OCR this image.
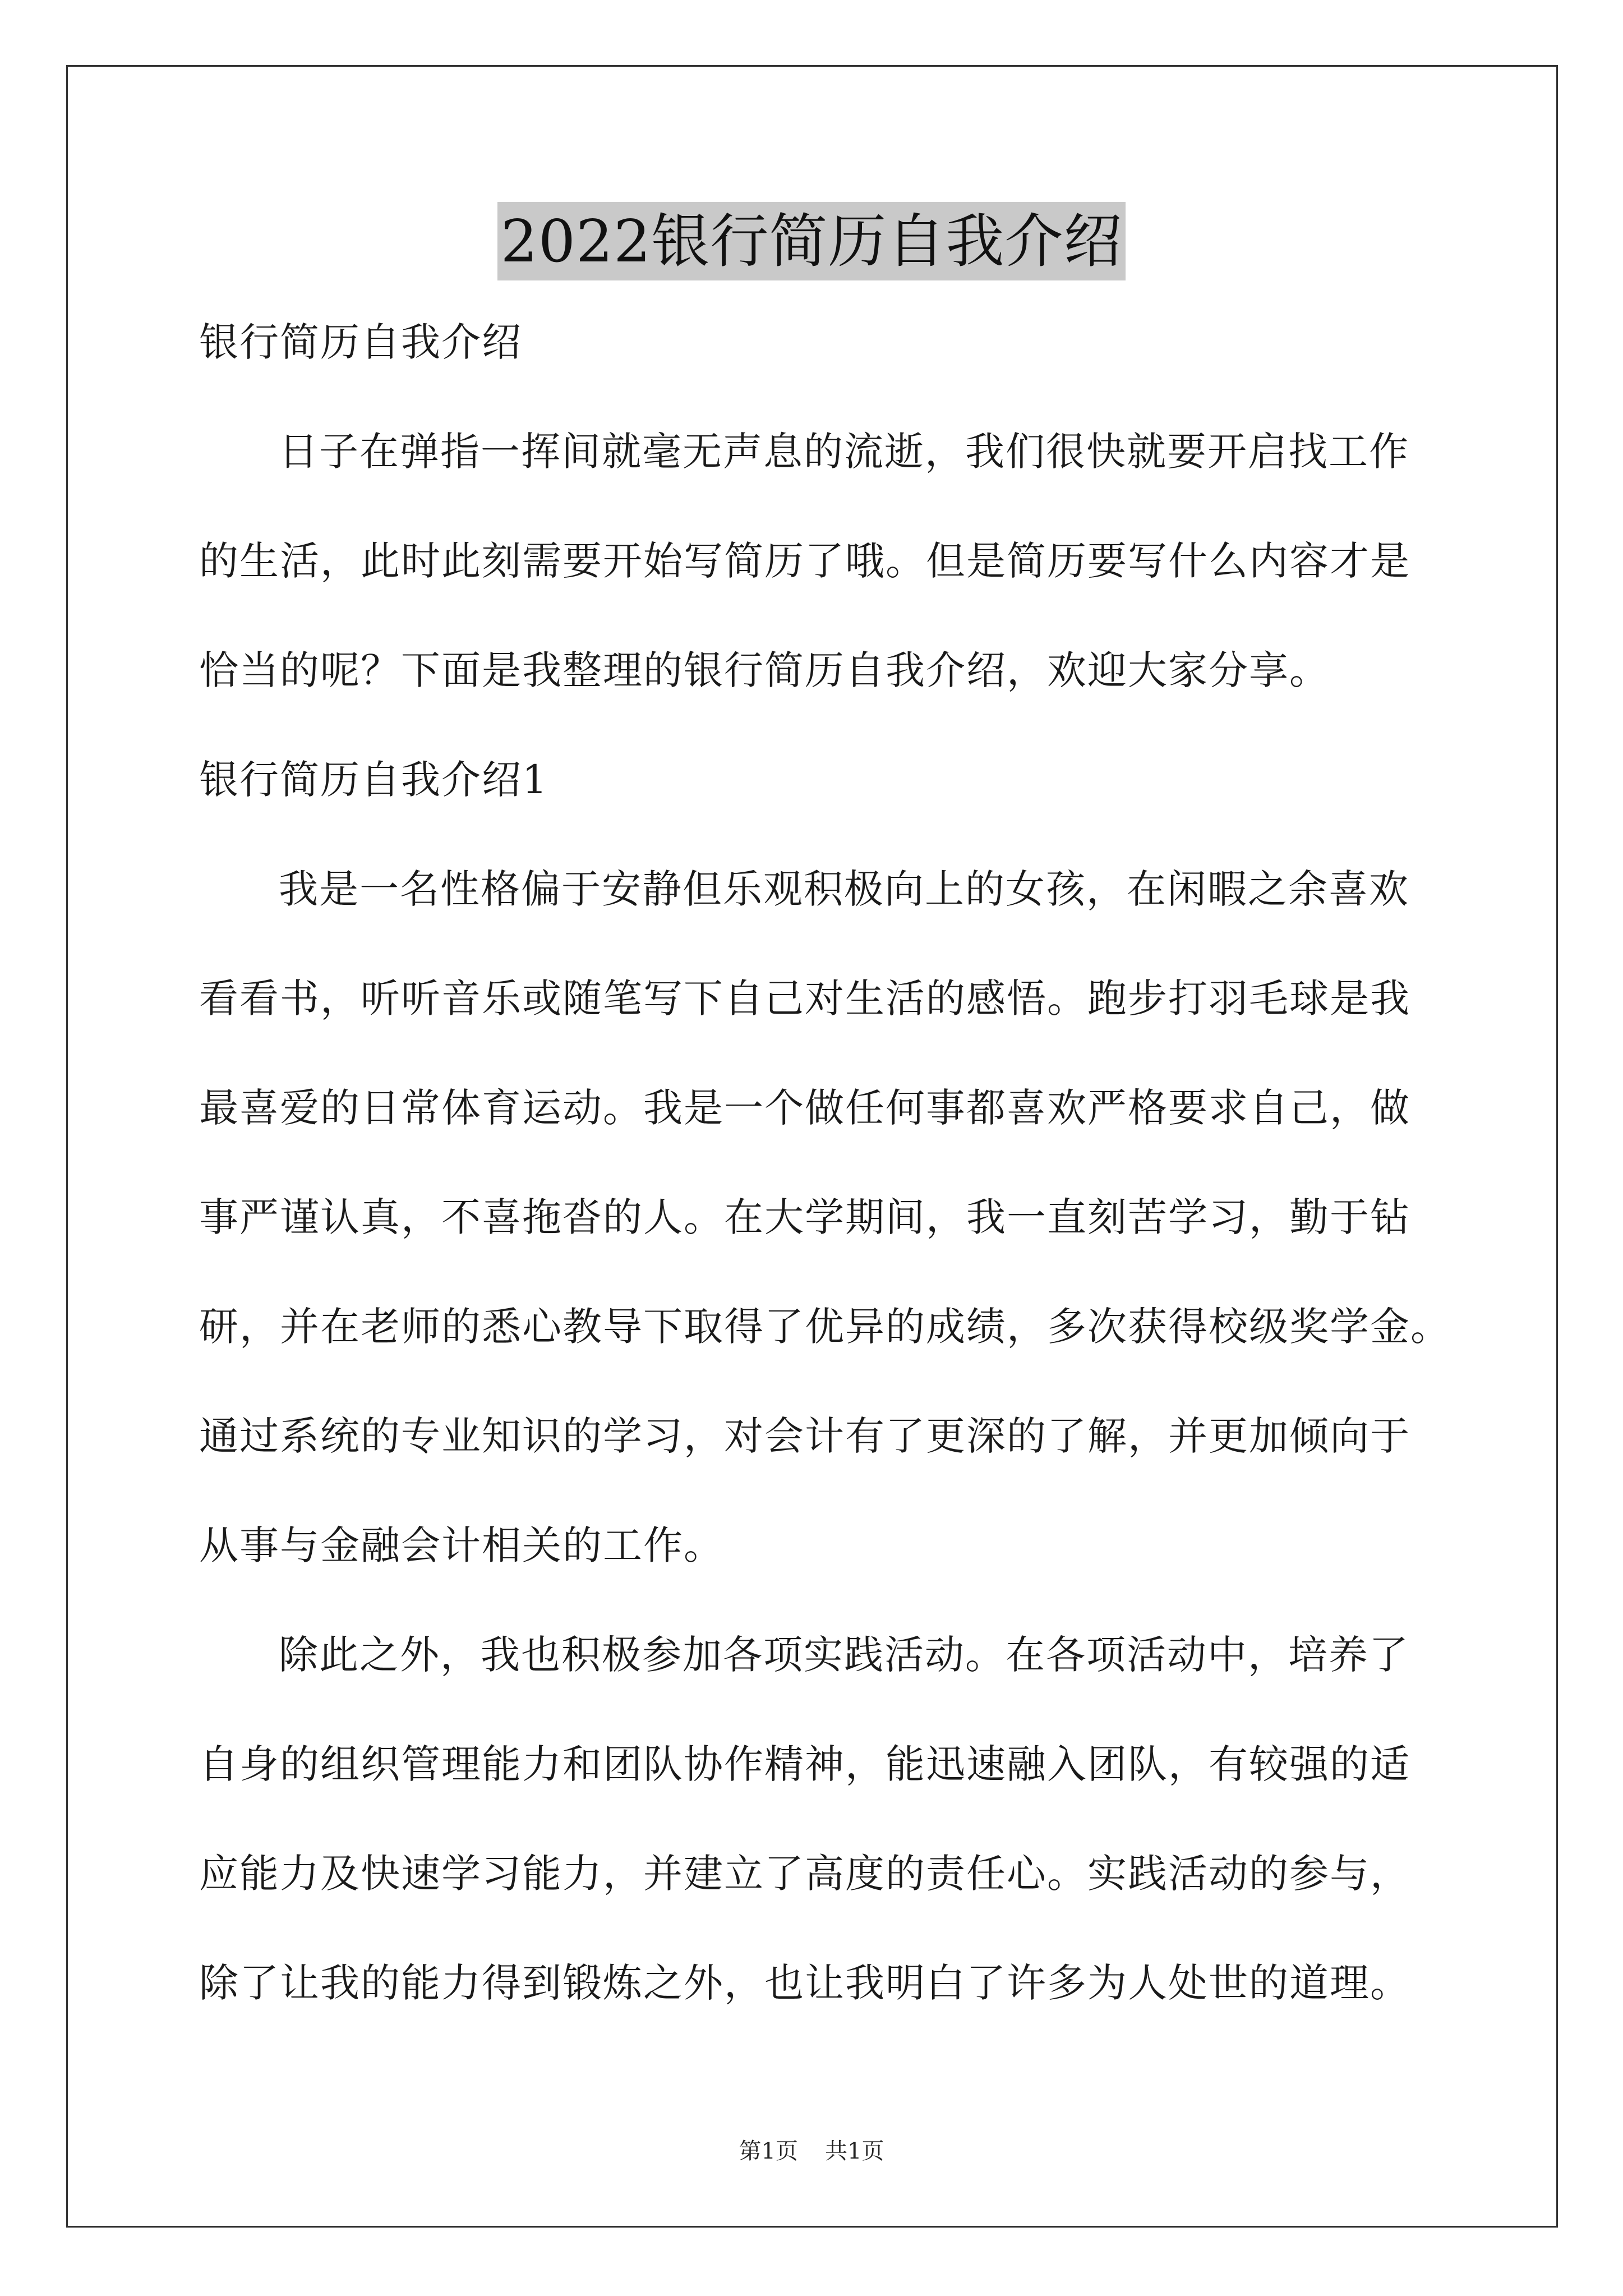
2022银行简历自我介绍
银行简历自我介绍
日子在弹指一挥间就毫无声息的流逝，我们很快就要开启找工作
的生活，此时此刻需要开始写简历了哦。但是简历要写什么内容才是
恰当的呢？下面是我整理的银行简历自我介绍，欢迎大家分享。
银行简历自我介绍1
我是一名性格偏于安静但乐观积极向上的女孩，在闲暇之余喜欢
看看书，听听音乐或随笔写下自己对生活的感悟。跑步打羽毛球是我
最喜爱的日常体育运动。我是一个做任何事都喜欢严格要求自己，做
事严谨认真，不喜拖沓的人。在大学期间，我一直刻苦学习，勤于钻
研，并在老师的悉心教导下取得了优异的成绩，多次获得校级奖学金。
通过系统的专业知识的学习，对会计有了更深的了解，并更加倾向于
从事与金融会计相关的工作。
除此之外，我也积极参加各项实践活动。在各项活动中，培养了
自身的组织管理能力和团队协作精神，能迅速融入团队，有较强的适
应能力及快速学习能力，并建立了高度的责任心。实践活动的参与，
除了让我的能力得到锻炼之外，也让我明白了许多为人处世的道理。
第1页 共1页
